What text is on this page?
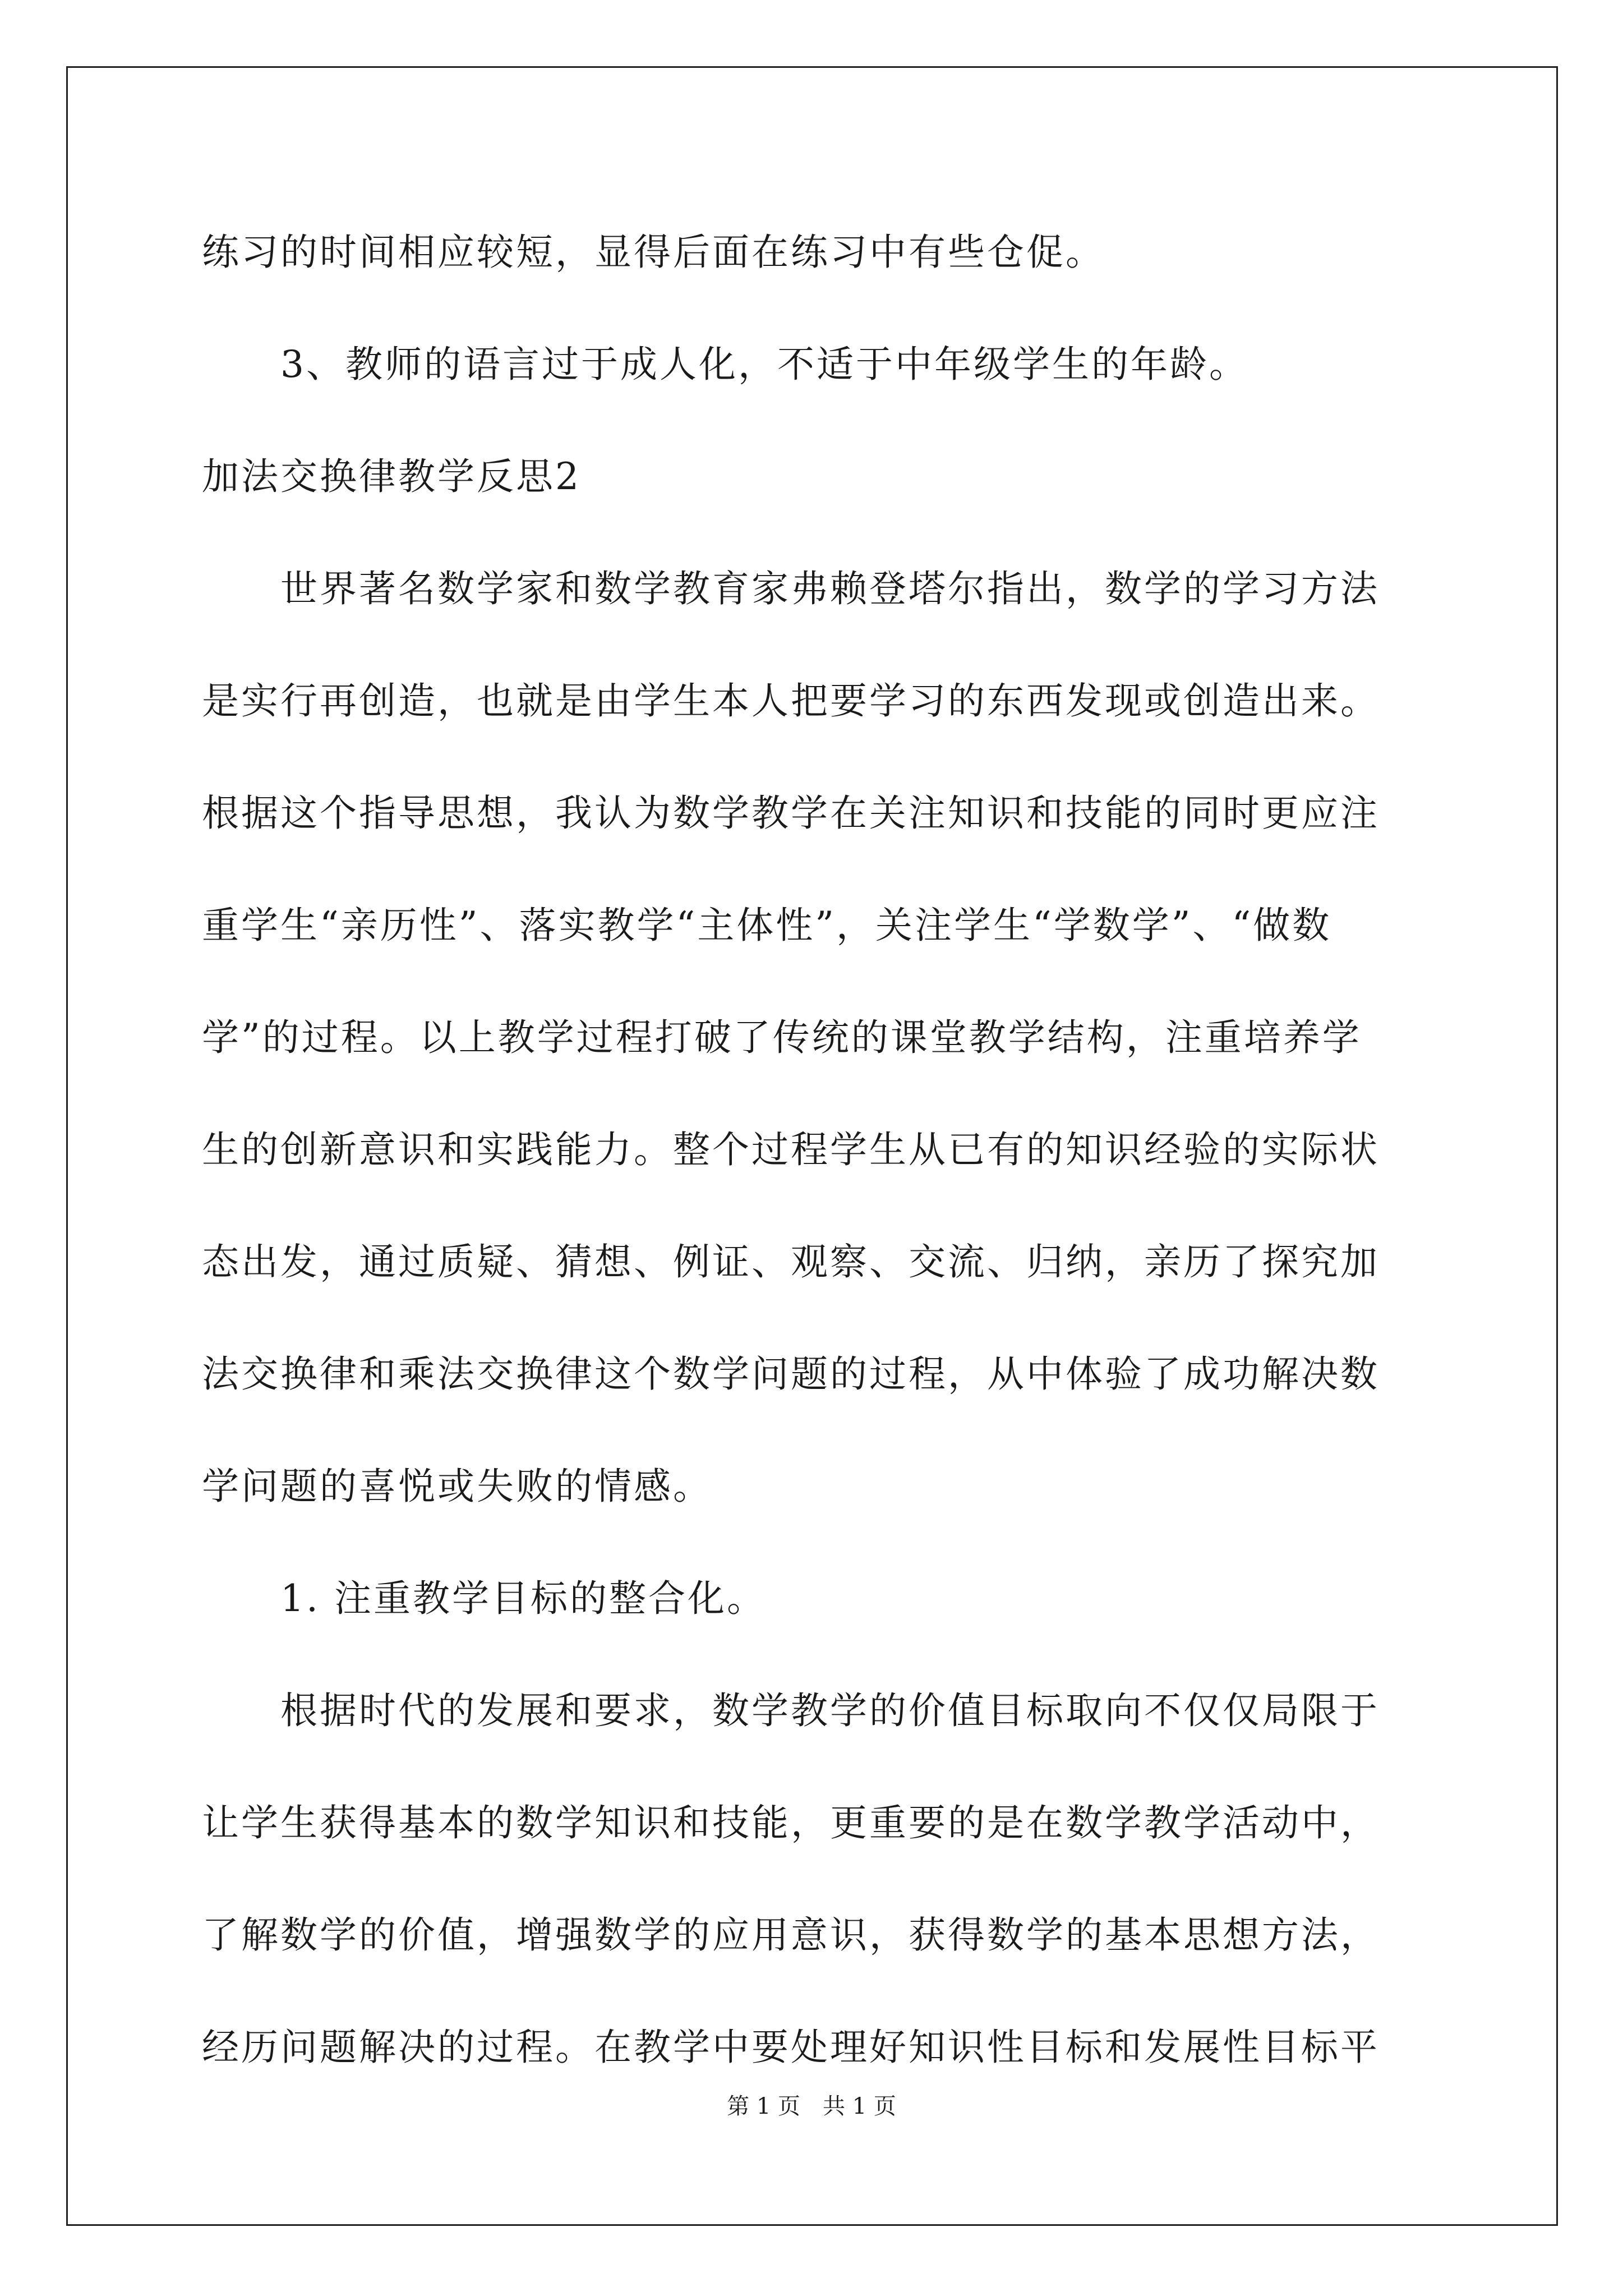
练习的时间相应较短，显得后面在练习中有些仓促。
3、教师的语言过于成人化，不适于中年级学生的年龄。
加法交换律教学反思2
世界著名数学家和数学教育家弗赖登塔尔指出，数学的学习方法
是实行再创造，也就是由学生本人把要学习的东西发现或创造出来。
根据这个指导思想，我认为数学教学在关注知识和技能的同时更应注
重学生“亲历性”、落实教学“主体性”，关注学生“学数学”、“做数
学”的过程。以上教学过程打破了传统的课堂教学结构，注重培养学
生的创新意识和实践能力。整个过程学生从已有的知识经验的实际状
态出发，通过质疑、猜想、例证、观察、交流、归纳，亲历了探究加
法交换律和乘法交换律这个数学问题的过程，从中体验了成功解决数
学问题的喜悦或失败的情感。
1. 注重教学目标的整合化。
根据时代的发展和要求，数学教学的价值目标取向不仅仅局限于
让学生获得基本的数学知识和技能，更重要的是在数学教学活动中，
了解数学的价值，增强数学的应用意识，获得数学的基本思想方法，
经历问题解决的过程。在教学中要处理好知识性目标和发展性目标平
第 1 页 共 1 页
